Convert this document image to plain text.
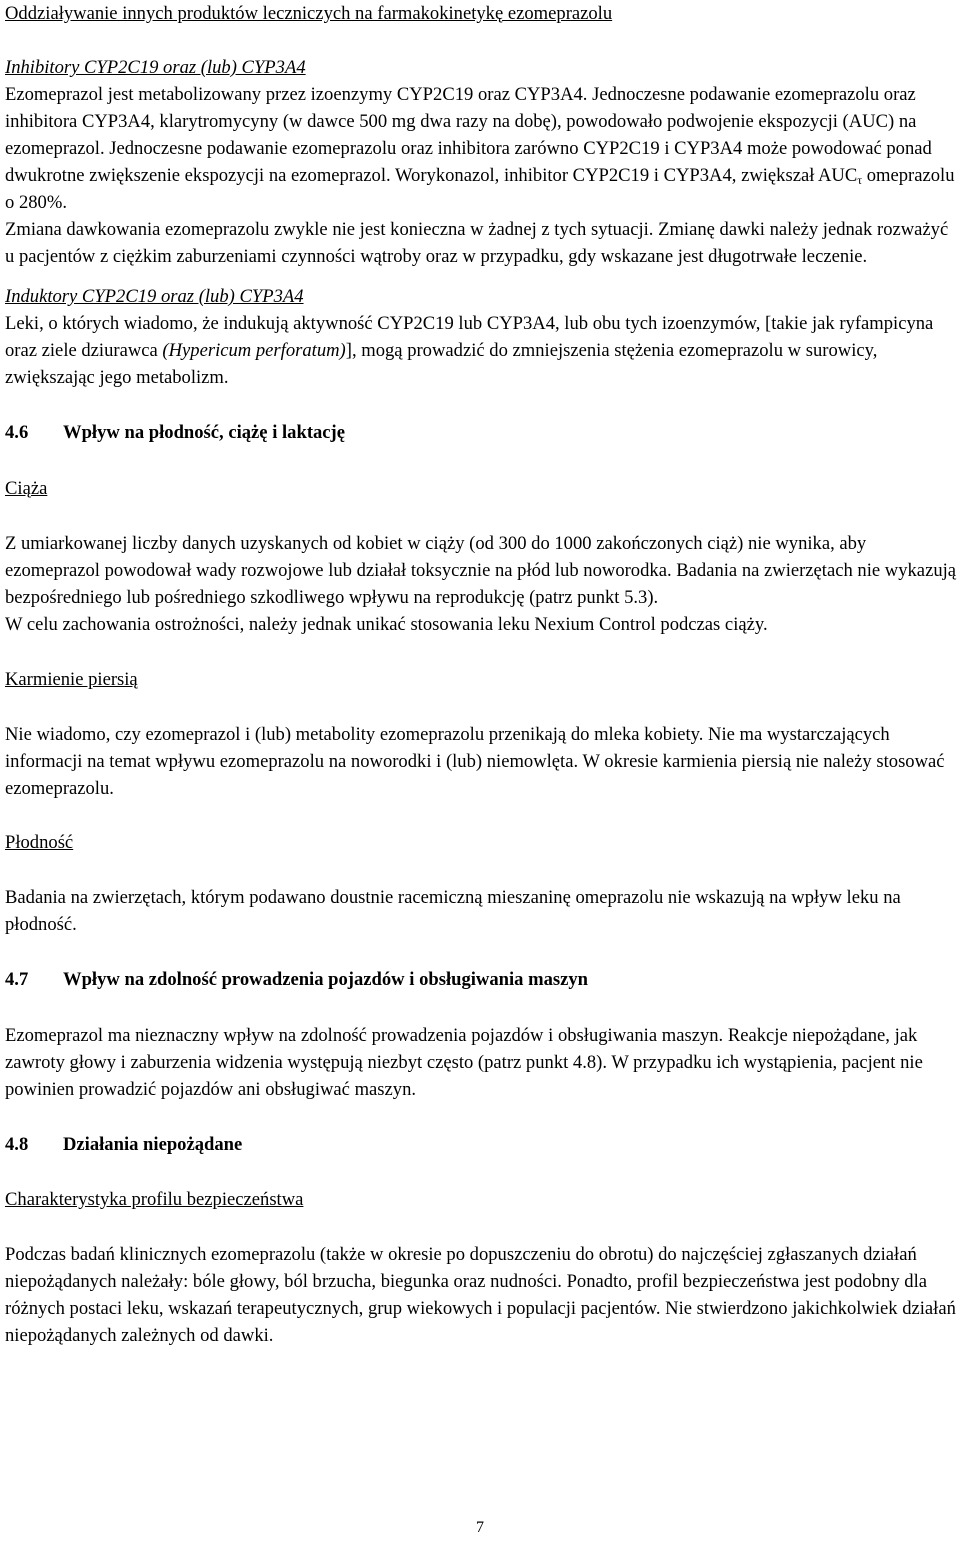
Oddziaływanie innych produktów leczniczych na farmakokinetykę ezomeprazolu

Inhibitory CYP2C19 oraz (lub) CYP3A4

Ezomeprazol jest metabolizowany przez izoenzymy CYP2C19 oraz CYP3A4. Jednoczesne podawanie ezomeprazolu oraz inhibitora CYP3A4, klarytromycyny (w dawce 500 mg dwa razy na dobę), powodowało podwojenie ekspozycji (AUC) na ezomeprazol. Jednoczesne podawanie ezomeprazolu oraz inhibitora zarówno CYP2C19 i CYP3A4 może powodować ponad dwukrotne zwiększenie ekspozycji na ezomeprazol. Worykonazol, inhibitor CYP2C19 i CYP3A4, zwiększał $AUC_\tau$ omeprazolu o 280%.

Zmiana dawkowania ezomeprazolu zwykle nie jest konieczna w żadnej z tych sytuacji. Zmianę dawki należy jednak rozważyć u pacjentów z ciężkim zaburzeniami czynności wątroby oraz w przypadku, gdy wskazane jest długotrwałe leczenie.

Induktory CYP2C19 oraz (lub) CYP3A4

Leki, o których wiadomo, że indukują aktywność CYP2C19 lub CYP3A4, lub obu tych izoenzymów, [takie jak ryfampicyna oraz ziele dziurawca (Hypericum perforatum)], mogą prowadzić do zmniejszenia stężenia ezomeprazolu w surowicy, zwiększając jego metabolizm.

4.6 Wpływ na płodność, ciążę i laktację

Ciąża

Z umiarkowanej liczby danych uzyskanych od kobiet w ciąży (od 300 do 1000 zakończonych ciąż) nie wynika, aby ezomeprazol powodował wady rozwojowe lub działał toksycznie na płód lub noworodka. Badania na zwierzętach nie wykazują bezpośredniego lub pośredniego szkodliwego wpływu na reprodukcję (patrz punkt 5.3).

W celu zachowania ostrożności, należy jednak unikać stosowania leku Nexium Control podczas ciąży.

Karmienie piersią

Nie wiadomo, czy ezomeprazol i (lub) metabolity ezomeprazolu przenikają do mleka kobiety. Nie ma wystarczających informacji na temat wpływu ezomeprazolu na noworodki i (lub) niemowlęta. W okresie karmienia piersią nie należy stosować ezomeprazolu.

Płodność

Badania na zwierzętach, którym podawano doustnie racemiczną mieszaninę omeprazolu nie wskazują na wpływ leku na płodność.

4.7 Wpływ na zdolność prowadzenia pojazdów i obsługiwania maszyn

Ezomeprazol ma nieznaczny wpływ na zdolność prowadzenia pojazdów i obsługiwania maszyn. Reakcje niepożądane, jak zawroty głowy i zaburzenia widzenia występują niezbyt często (patrz punkt 4.8). W przypadku ich wystąpienia, pacjent nie powinien prowadzić pojazdów ani obsługiwać maszyn.

4.8 Działania niepożądane

Charakterystyka profilu bezpieczeństwa

Podczas badań klinicznych ezomeprazolu (także w okresie po dopuszczeniu do obrotu) do najczęściej zgłaszanych działań niepożądanych należały: bóle głowy, ból brzucha, biegunka oraz nudności. Ponadto, profil bezpieczeństwa jest podobny dla różnych postaci leku, wskazań terapeutycznych, grup wiekowych i populacji pacjentów. Nie stwierdzono jakichkolwiek działań niepożądanych zależnych od dawki.

7
